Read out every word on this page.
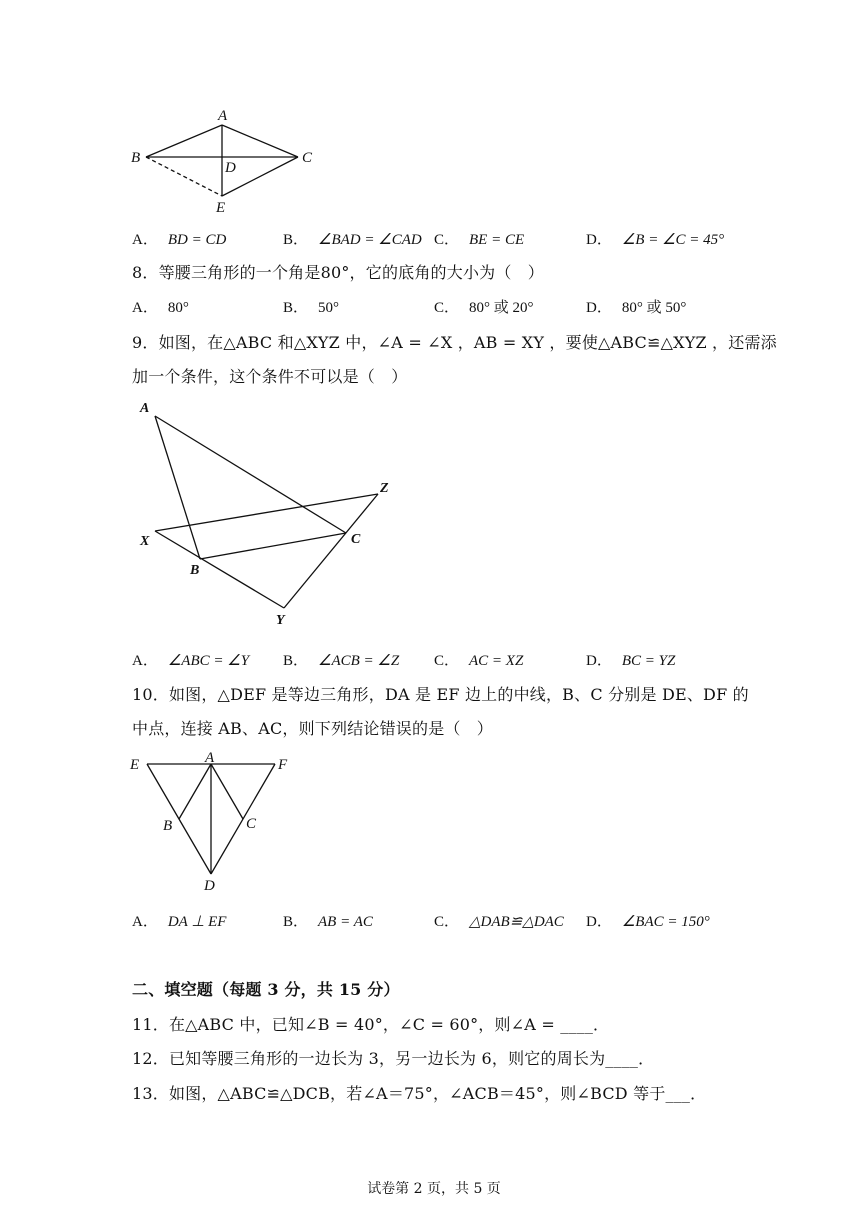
A
B	C
D
E
A． BD = CD	B． ∠BAD = ∠CAD C． BE = CE	D． ∠B = ∠C = 45°
8．等腰三角形的一个角是80°，它的底角的大小为（　）
A． 80°	B． 50°	C． 80° 或 20°	D． 80° 或 50°
9．如图，在△ABC 和△XYZ 中，∠A = ∠X ，AB = XY ，要使△ABC≌△XYZ ，还需添
加一个条件，这个条件不可以是（　）
A
Z
X	C
B
Y
A． ∠ABC = ∠Y B． ∠ACB = ∠Z C． AC = XZ	D． BC = YZ
10．如图，△DEF 是等边三角形，DA 是 EF 边上的中线，B、C 分别是 DE、DF 的
中点，连接 AB、AC，则下列结论错误的是（　）
E	A	F
B	C
D
A． DA ⊥ EF	B． AB = AC	C． △DAB≌△DAC D． ∠BAC = 150°
二、填空题（每题 3 分，共 15 分）
11．在△ABC 中，已知∠B = 40°，∠C = 60°，则∠A = ____．
12．已知等腰三角形的一边长为 3，另一边长为 6，则它的周长为____．
13．如图，△ABC≌△DCB，若∠A＝75°，∠ACB＝45°，则∠BCD 等于___．
试卷第 2 页，共 5 页
